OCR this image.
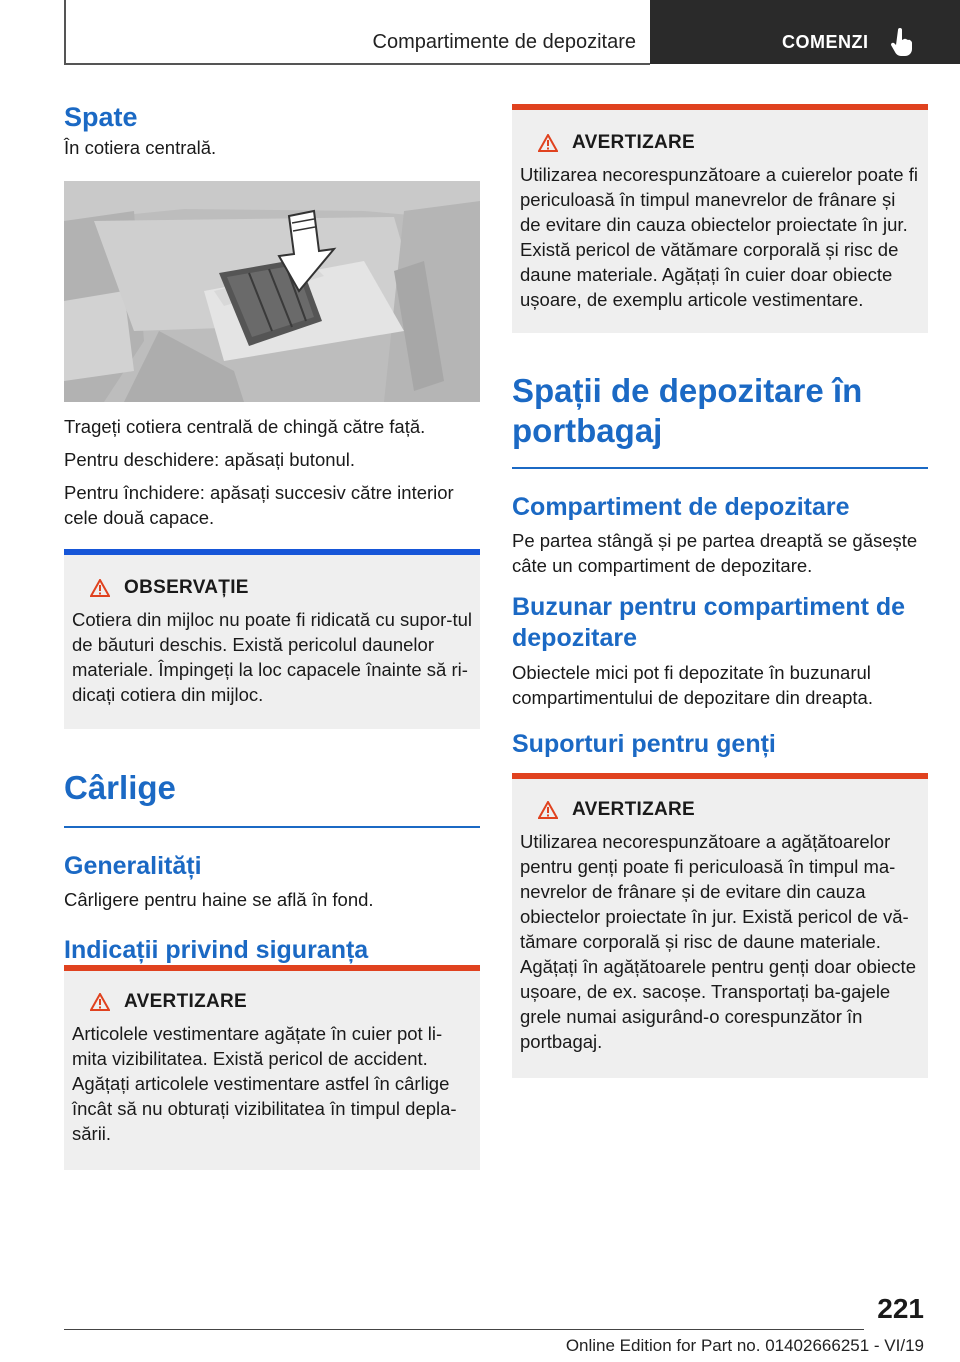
Compartimente de depozitare	COMENZI
Spate

În cotiera centrală.

Trageți cotiera centrală de chingă către față.

Pentru deschidere: apăsați butonul.

Pentru închidere: apăsați succesiv către interior cele două capace.

OBSERVAȚIE
Cotiera din mijloc nu poate fi ridicată cu supor-tul de băuturi deschis. Există pericolul daunelor materiale. Împingeți la loc capacele înainte să ri-dicați cotiera din mijloc.
Cârlige
Generalități

Cârligere pentru haine se află în fond.

Indicații privind siguranța
AVERTIZARE
Articolele vestimentare agățate în cuier pot li-mita vizibilitatea. Există pericol de accident. Agățați articolele vestimentare astfel în cârlige încât să nu obturați vizibilitatea în timpul depla-sării.
AVERTIZARE
Utilizarea necorespunzătoare a cuierelor poate fi periculoasă în timpul manevrelor de frânare și de evitare din cauza obiectelor proiectate în jur. Există pericol de vătămare corporală și risc de daune materiale. Agățați în cuier doar obiecte ușoare, de exemplu articole vestimentare.
Spații de depozitare în portbagaj
Compartiment de depozitare

Pe partea stângă și pe partea dreaptă se găsește câte un compartiment de depozitare.

Buzunar pentru compartiment de depozitare

Obiectele mici pot fi depozitate în buzunarul compartimentului de depozitare din dreapta.

Suporturi pentru genți
AVERTIZARE
Utilizarea necorespunzătoare a agățătoarelor pentru genți poate fi periculoasă în timpul ma-nevrelor de frânare și de evitare din cauza obiectelor proiectate în jur. Există pericol de vă-tămare corporală și risc de daune materiale. Agățați în agățătoarele pentru genți doar obiecte ușoare, de ex. sacoșe. Transportați ba-gajele grele numai asigurând-o corespunzător în portbagaj.
221
Online Edition for Part no. 01402666251 - VI/19
